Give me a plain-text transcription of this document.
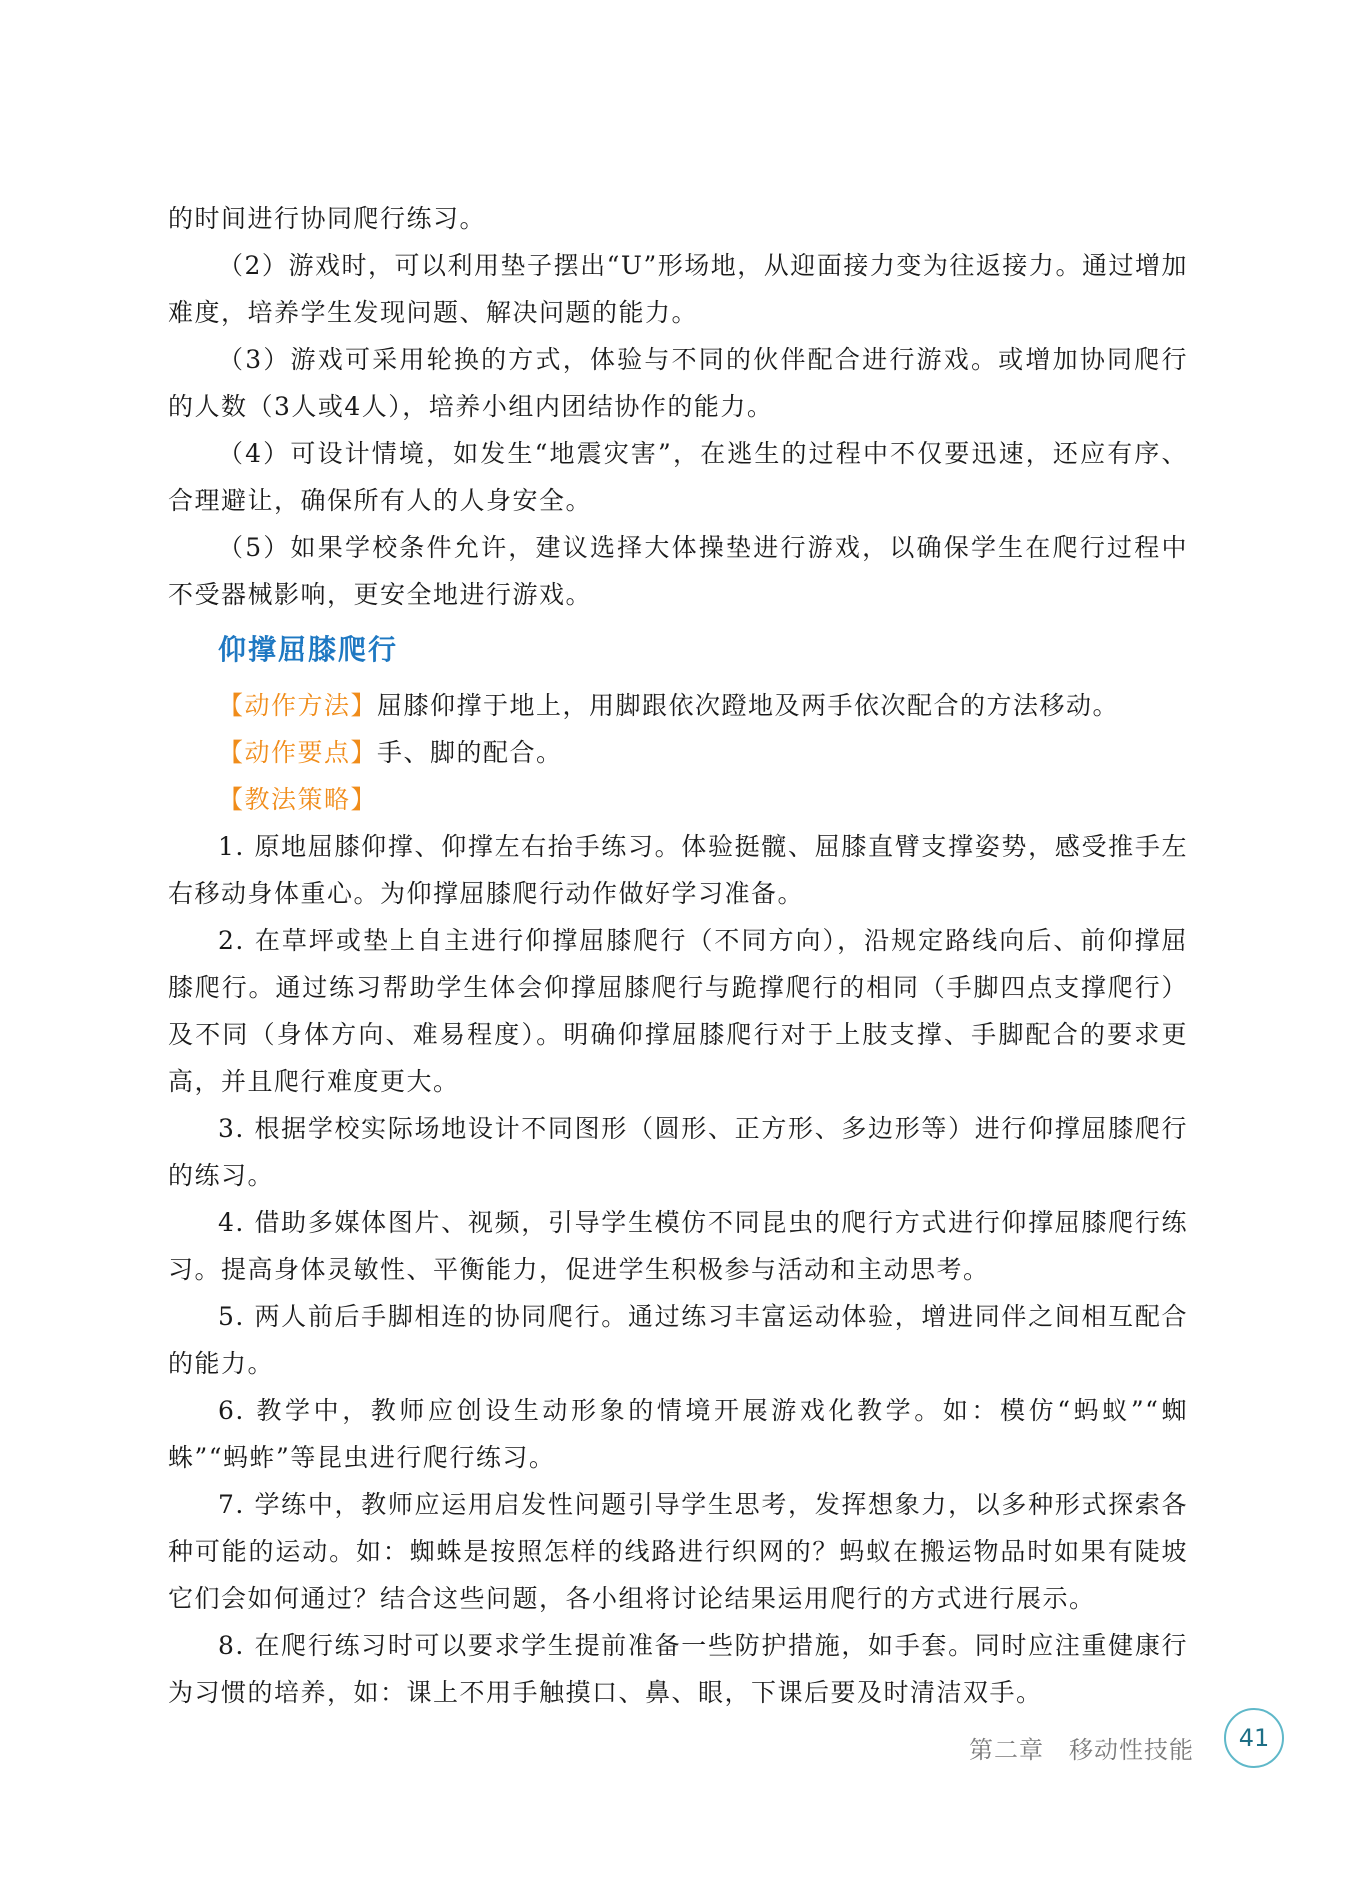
的时间进行协同爬行练习。

（2）游戏时，可以利用垫子摆出“U”形场地，从迎面接力变为往返接力。通过增加难度，培养学生发现问题、解决问题的能力。

（3）游戏可采用轮换的方式，体验与不同的伙伴配合进行游戏。或增加协同爬行的人数（3人或4人），培养小组内团结协作的能力。

（4）可设计情境，如发生“地震灾害”，在逃生的过程中不仅要迅速，还应有序、合理避让，确保所有人的人身安全。

（5）如果学校条件允许，建议选择大体操垫进行游戏，以确保学生在爬行过程中不受器械影响，更安全地进行游戏。

仰撑屈膝爬行

【动作方法】屈膝仰撑于地上，用脚跟依次蹬地及两手依次配合的方法移动。

【动作要点】手、脚的配合。

【教法策略】

1. 原地屈膝仰撑、仰撑左右抬手练习。体验挺髋、屈膝直臂支撑姿势，感受推手左右移动身体重心。为仰撑屈膝爬行动作做好学习准备。

2. 在草坪或垫上自主进行仰撑屈膝爬行（不同方向），沿规定路线向后、前仰撑屈膝爬行。通过练习帮助学生体会仰撑屈膝爬行与跪撑爬行的相同（手脚四点支撑爬行）及不同（身体方向、难易程度）。明确仰撑屈膝爬行对于上肢支撑、手脚配合的要求更高，并且爬行难度更大。

3. 根据学校实际场地设计不同图形（圆形、正方形、多边形等）进行仰撑屈膝爬行的练习。

4. 借助多媒体图片、视频，引导学生模仿不同昆虫的爬行方式进行仰撑屈膝爬行练习。提高身体灵敏性、平衡能力，促进学生积极参与活动和主动思考。

5. 两人前后手脚相连的协同爬行。通过练习丰富运动体验，增进同伴之间相互配合的能力。

6. 教学中，教师应创设生动形象的情境开展游戏化教学。如：模仿“蚂蚁”“蜘蛛”“蚂蚱”等昆虫进行爬行练习。

7. 学练中，教师应运用启发性问题引导学生思考，发挥想象力，以多种形式探索各种可能的运动。如：蜘蛛是按照怎样的线路进行织网的？蚂蚁在搬运物品时如果有陡坡它们会如何通过？结合这些问题，各小组将讨论结果运用爬行的方式进行展示。

8. 在爬行练习时可以要求学生提前准备一些防护措施，如手套。同时应注重健康行为习惯的培养，如：课上不用手触摸口、鼻、眼，下课后要及时清洁双手。

第二章　移动性技能	41
